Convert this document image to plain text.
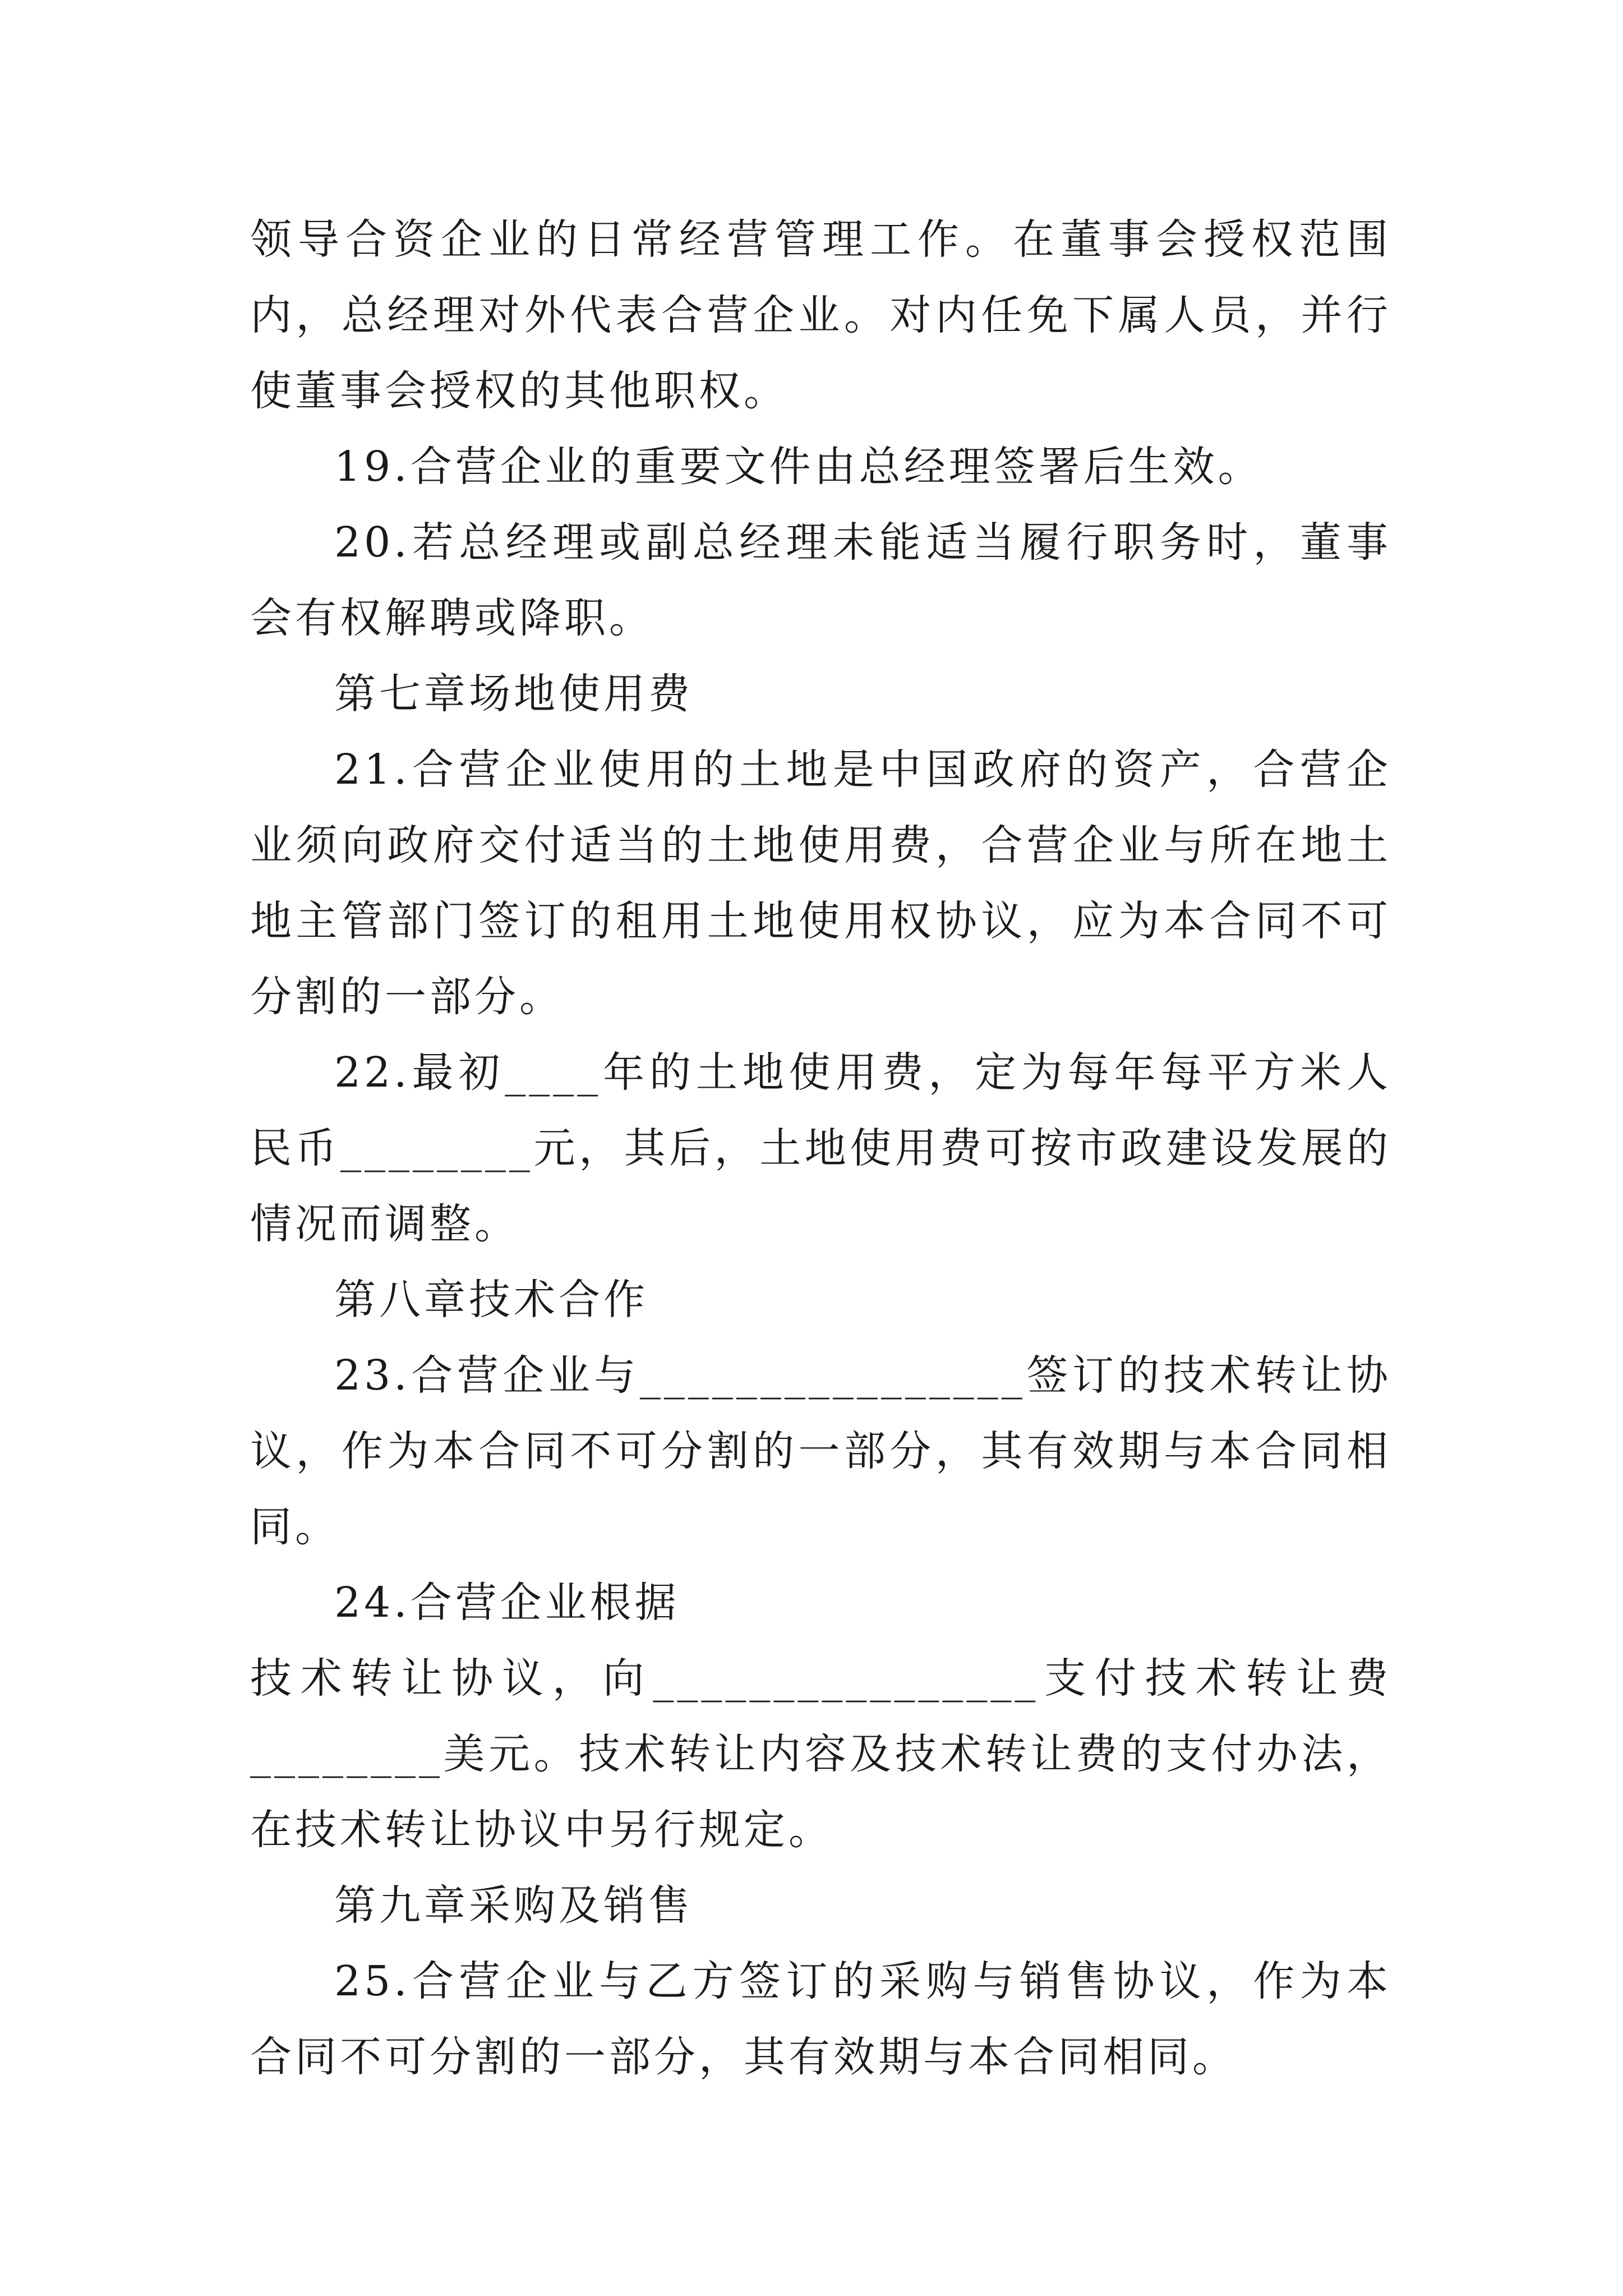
领导合资企业的日常经营管理工作。在董事会授权范围内，总经理对外代表合营企业。对内任免下属人员，并行使董事会授权的其他职权。

19.合营企业的重要文件由总经理签署后生效。

20.若总经理或副总经理未能适当履行职务时，董事会有权解聘或降职。

第七章场地使用费

21.合营企业使用的土地是中国政府的资产，合营企业须向政府交付适当的土地使用费，合营企业与所在地土地主管部门签订的租用土地使用权协议，应为本合同不可分割的一部分。

22.最初____年的土地使用费，定为每年每平方米人民币________元，其后，土地使用费可按市政建设发展的情况而调整。

第八章技术合作

23.合营企业与________________签订的技术转让协议，作为本合同不可分割的一部分，其有效期与本合同相同。

24.合营企业根据

技术转让协议，向________________支付技术转让费________美元。技术转让内容及技术转让费的支付办法，在技术转让协议中另行规定。

第九章采购及销售

25.合营企业与乙方签订的采购与销售协议，作为本合同不可分割的一部分，其有效期与本合同相同。
